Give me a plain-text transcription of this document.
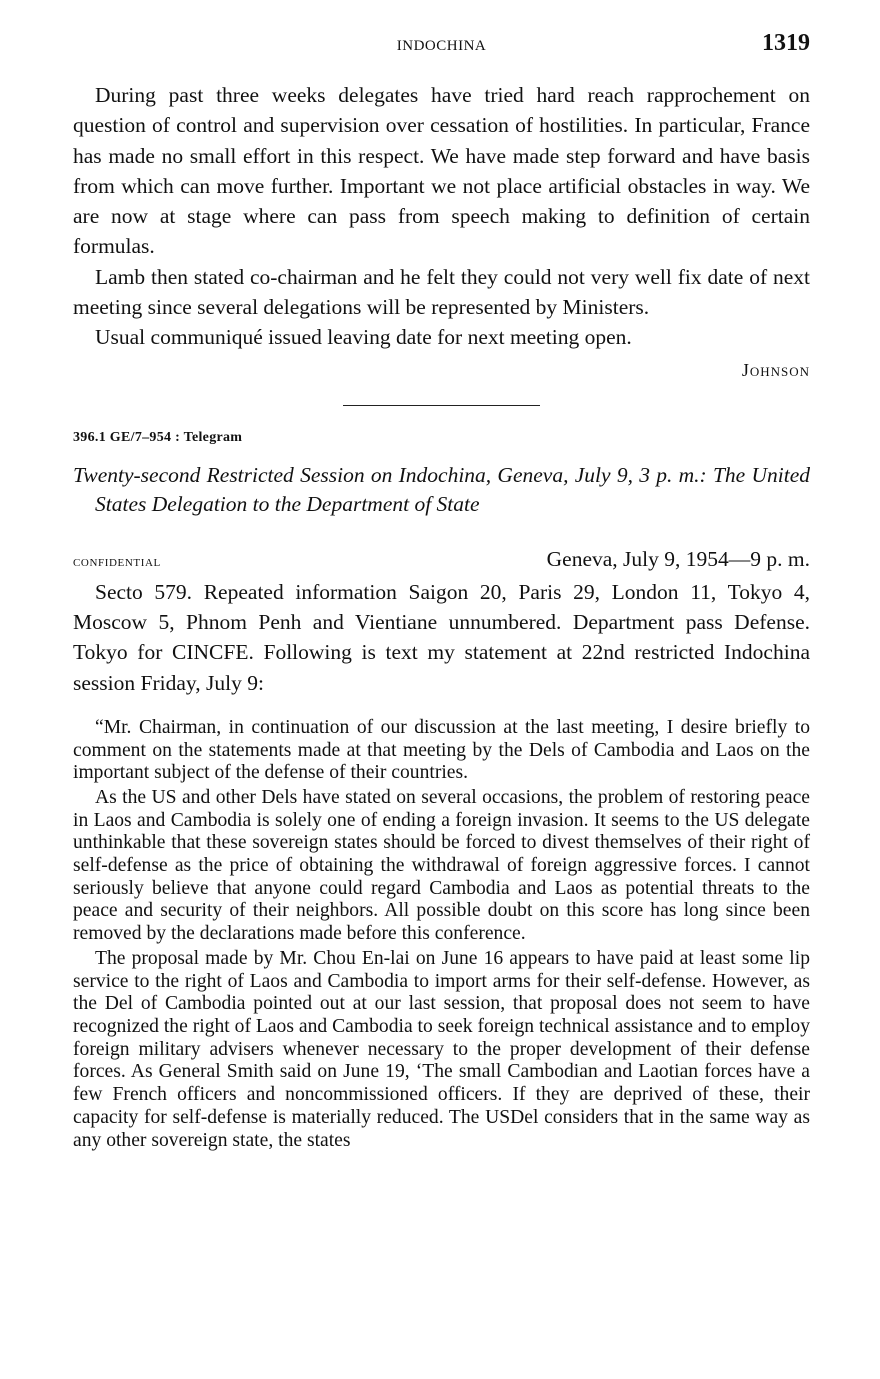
INDOCHINA	1319

During past three weeks delegates have tried hard reach rapprochement on question of control and supervision over cessation of hostilities. In particular, France has made no small effort in this respect. We have made step forward and have basis from which can move further. Important we not place artificial obstacles in way. We are now at stage where can pass from speech making to definition of certain formulas.

Lamb then stated co-chairman and he felt they could not very well fix date of next meeting since several delegations will be represented by Ministers.

Usual communiqué issued leaving date for next meeting open.

Johnson
396.1 GE/7–954 : Telegram
Twenty-second Restricted Session on Indochina, Geneva, July 9, 3 p. m.: The United States Delegation to the Department of State
confidential	Geneva, July 9, 1954—9 p. m.

Secto 579. Repeated information Saigon 20, Paris 29, London 11, Tokyo 4, Moscow 5, Phnom Penh and Vientiane unnumbered. Department pass Defense. Tokyo for CINCFE. Following is text my statement at 22nd restricted Indochina session Friday, July 9:

“Mr. Chairman, in continuation of our discussion at the last meeting, I desire briefly to comment on the statements made at that meeting by the Dels of Cambodia and Laos on the important subject of the defense of their countries.

As the US and other Dels have stated on several occasions, the problem of restoring peace in Laos and Cambodia is solely one of ending a foreign invasion. It seems to the US delegate unthinkable that these sovereign states should be forced to divest themselves of their right of self-defense as the price of obtaining the withdrawal of foreign aggressive forces. I cannot seriously believe that anyone could regard Cambodia and Laos as potential threats to the peace and security of their neighbors. All possible doubt on this score has long since been removed by the declarations made before this conference.

The proposal made by Mr. Chou En-lai on June 16 appears to have paid at least some lip service to the right of Laos and Cambodia to import arms for their self-defense. However, as the Del of Cambodia pointed out at our last session, that proposal does not seem to have recognized the right of Laos and Cambodia to seek foreign technical assistance and to employ foreign military advisers whenever necessary to the proper development of their defense forces. As General Smith said on June 19, ‘The small Cambodian and Laotian forces have a few French officers and noncommissioned officers. If they are deprived of these, their capacity for self-defense is materially reduced. The USDel considers that in the same way as any other sovereign state, the states
